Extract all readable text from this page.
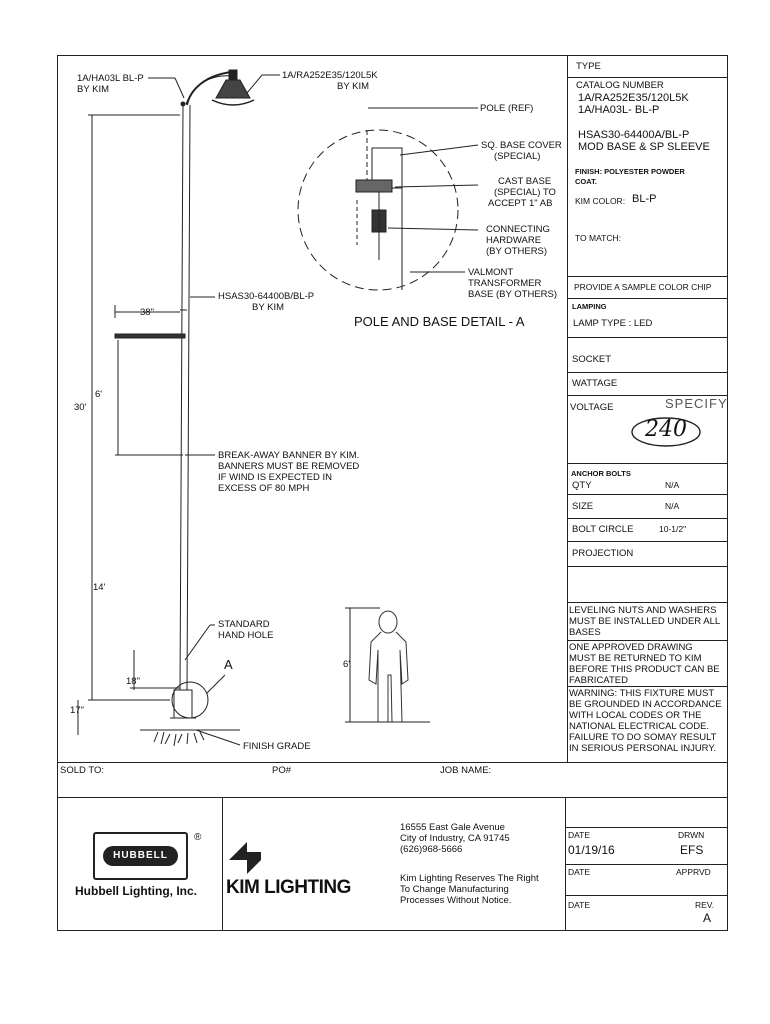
1A/HA03L BL-P
BY KIM
1A/RA252E35/120L5K
BY KIM
HSAS30-64400B/BL-P
BY KIM
BREAK-AWAY BANNER BY KIM.
BANNERS MUST BE REMOVED
IF WIND IS EXPECTED IN
EXCESS OF 80 MPH
STANDARD
HAND HOLE
FINISH GRADE
A
38"
6'
30'
14'
18"
17"
6'
POLE (REF)
SQ. BASE COVER
(SPECIAL)
CAST BASE
(SPECIAL) TO
ACCEPT 1" AB
CONNECTING
HARDWARE
(BY OTHERS)
VALMONT
TRANSFORMER
BASE (BY OTHERS)
POLE AND BASE DETAIL - A
TYPE
CATALOG NUMBER
1A/RA252E35/120L5K
1A/HA03L- BL-P
HSAS30-64400A/BL-P
MOD BASE & SP SLEEVE
FINISH: POLYESTER POWDER
COAT.
KIM COLOR: BL-P
TO MATCH:
PROVIDE A SAMPLE COLOR CHIP
LAMPING
LAMP TYPE : LED
SOCKET
WATTAGE
VOLTAGE	SPECIFY
240
ANCHOR BOLTS
QTY	N/A
SIZE	N/A
BOLT CIRCLE	10-1/2"
PROJECTION
LEVELING NUTS AND WASHERS
MUST BE INSTALLED UNDER ALL
BASES
ONE APPROVED DRAWING
MUST BE RETURNED TO KIM
BEFORE THIS PRODUCT CAN BE
FABRICATED
WARNING: THIS FIXTURE MUST
BE GROUNDED IN ACCORDANCE
WITH LOCAL CODES OR THE
NATIONAL ELECTRICAL CODE.
FAILURE TO DO SOMAY RESULT
IN SERIOUS PERSONAL INJURY.
SOLD TO:	PO#	JOB NAME:
HUBBELL
®
Hubbell Lighting, Inc. KIM LIGHTING
16555 East Gale Avenue
City of Industry, CA 91745
(626)968-5666
Kim Lighting Reserves The Right
To Change Manufacturing
Processes Without Notice.
DATE	DRWN
01/19/16	EFS
DATE	APPRVD
DATE	REV.
A
